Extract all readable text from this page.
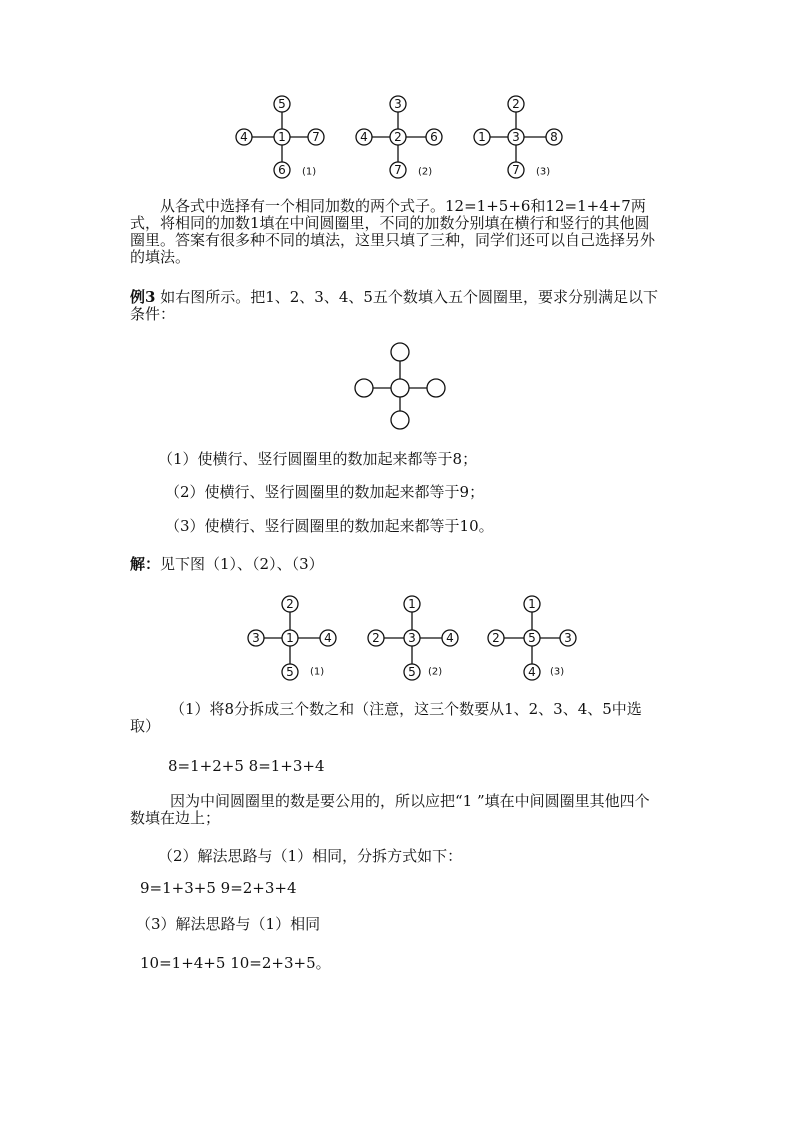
5
4	1 7
6 (1)
3
4 2 6
7 (2)
2
1 3	8
7 (3)
从各式中选择有一个相同加数的两个式子。12=1+5+6和12=1+4+7两式，将相同的加数1填在中间圆圈里，不同的加数分别填在横行和竖行的其他圆圈里。答案有很多种不同的填法，这里只填了三种，同学们还可以自己选择另外的填法。
例3 如右图所示。把1、2、3、4、5五个数填入五个圆圈里，要求分别满足以下条件：
（1）使横行、竖行圆圈里的数加起来都等于8；
（2）使横行、竖行圆圈里的数加起来都等于9；
（3）使横行、竖行圆圈里的数加起来都等于10。
解：见下图（1）、（2）、（3）
2
3 1	4
5 (1)
1
2 3	4
5 (2)
1
2 5 3
4 (3)
（1）将8分拆成三个数之和（注意，这三个数要从1、2、3、4、5中选取）
8=1+2+5 8=1+3+4
因为中间圆圈里的数是要公用的，所以应把“1 ”填在中间圆圈里其他四个数填在边上；
（2）解法思路与（1）相同，分拆方式如下：
9=1+3+5 9=2+3+4
（3）解法思路与（1）相同
10=1+4+5 10=2+3+5。
